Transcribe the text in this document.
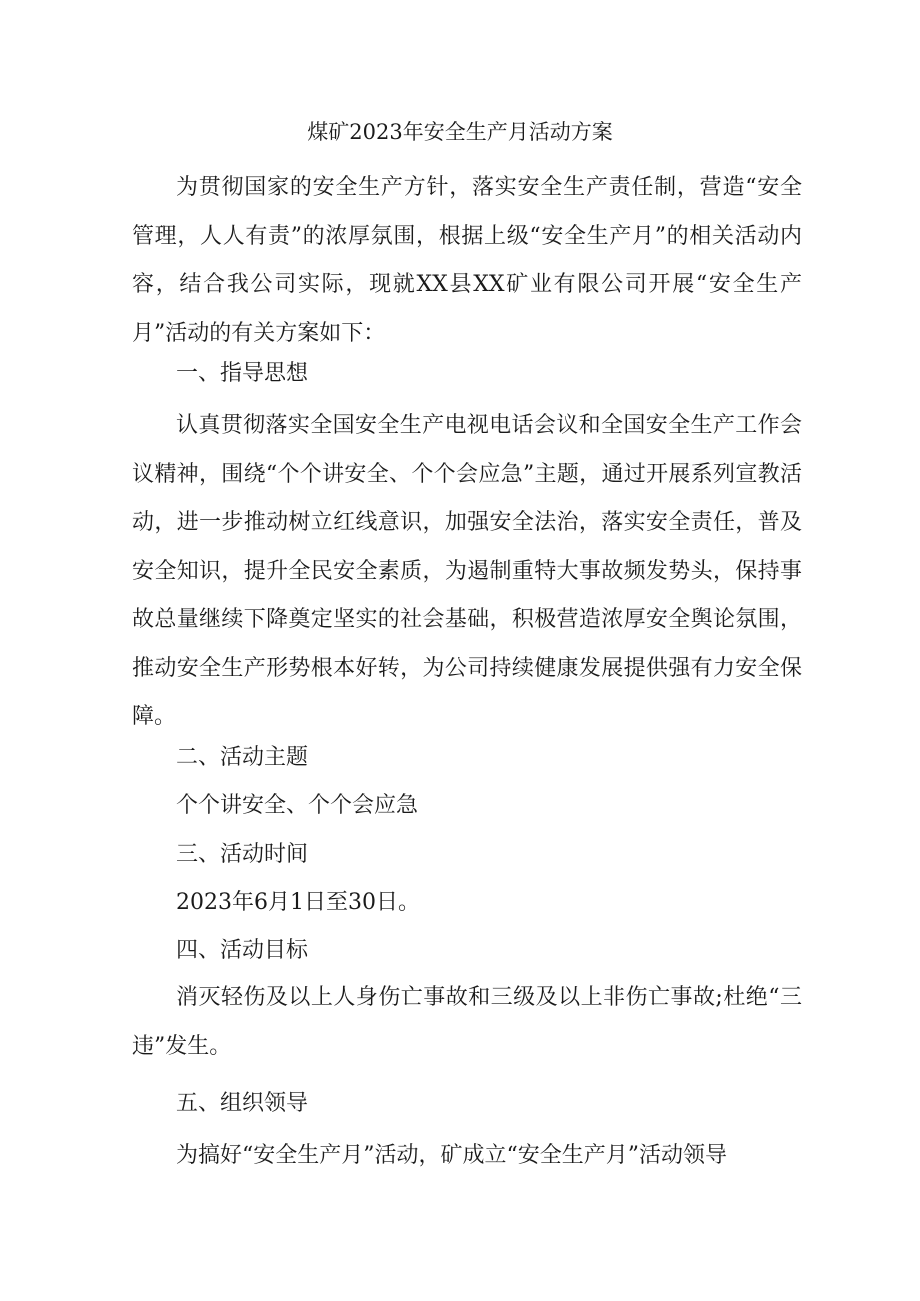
煤矿2023年安全生产月活动方案

为贯彻国家的安全生产方针，落实安全生产责任制，营造“安全管理，人人有责”的浓厚氛围，根据上级“安全生产月”的相关活动内容，结合我公司实际，现就XX县XX矿业有限公司开展“安全生产月”活动的有关方案如下：

一、指导思想

认真贯彻落实全国安全生产电视电话会议和全国安全生产工作会议精神，围绕“个个讲安全、个个会应急”主题，通过开展系列宣教活动，进一步推动树立红线意识，加强安全法治，落实安全责任，普及安全知识，提升全民安全素质，为遏制重特大事故频发势头，保持事故总量继续下降奠定坚实的社会基础，积极营造浓厚安全舆论氛围，推动安全生产形势根本好转，为公司持续健康发展提供强有力安全保障。

二、活动主题

个个讲安全、个个会应急

三、活动时间

2023年6月1日至30日。

四、活动目标

消灭轻伤及以上人身伤亡事故和三级及以上非伤亡事故;杜绝“三违”发生。

五、组织领导

为搞好“安全生产月”活动，矿成立“安全生产月”活动领导
